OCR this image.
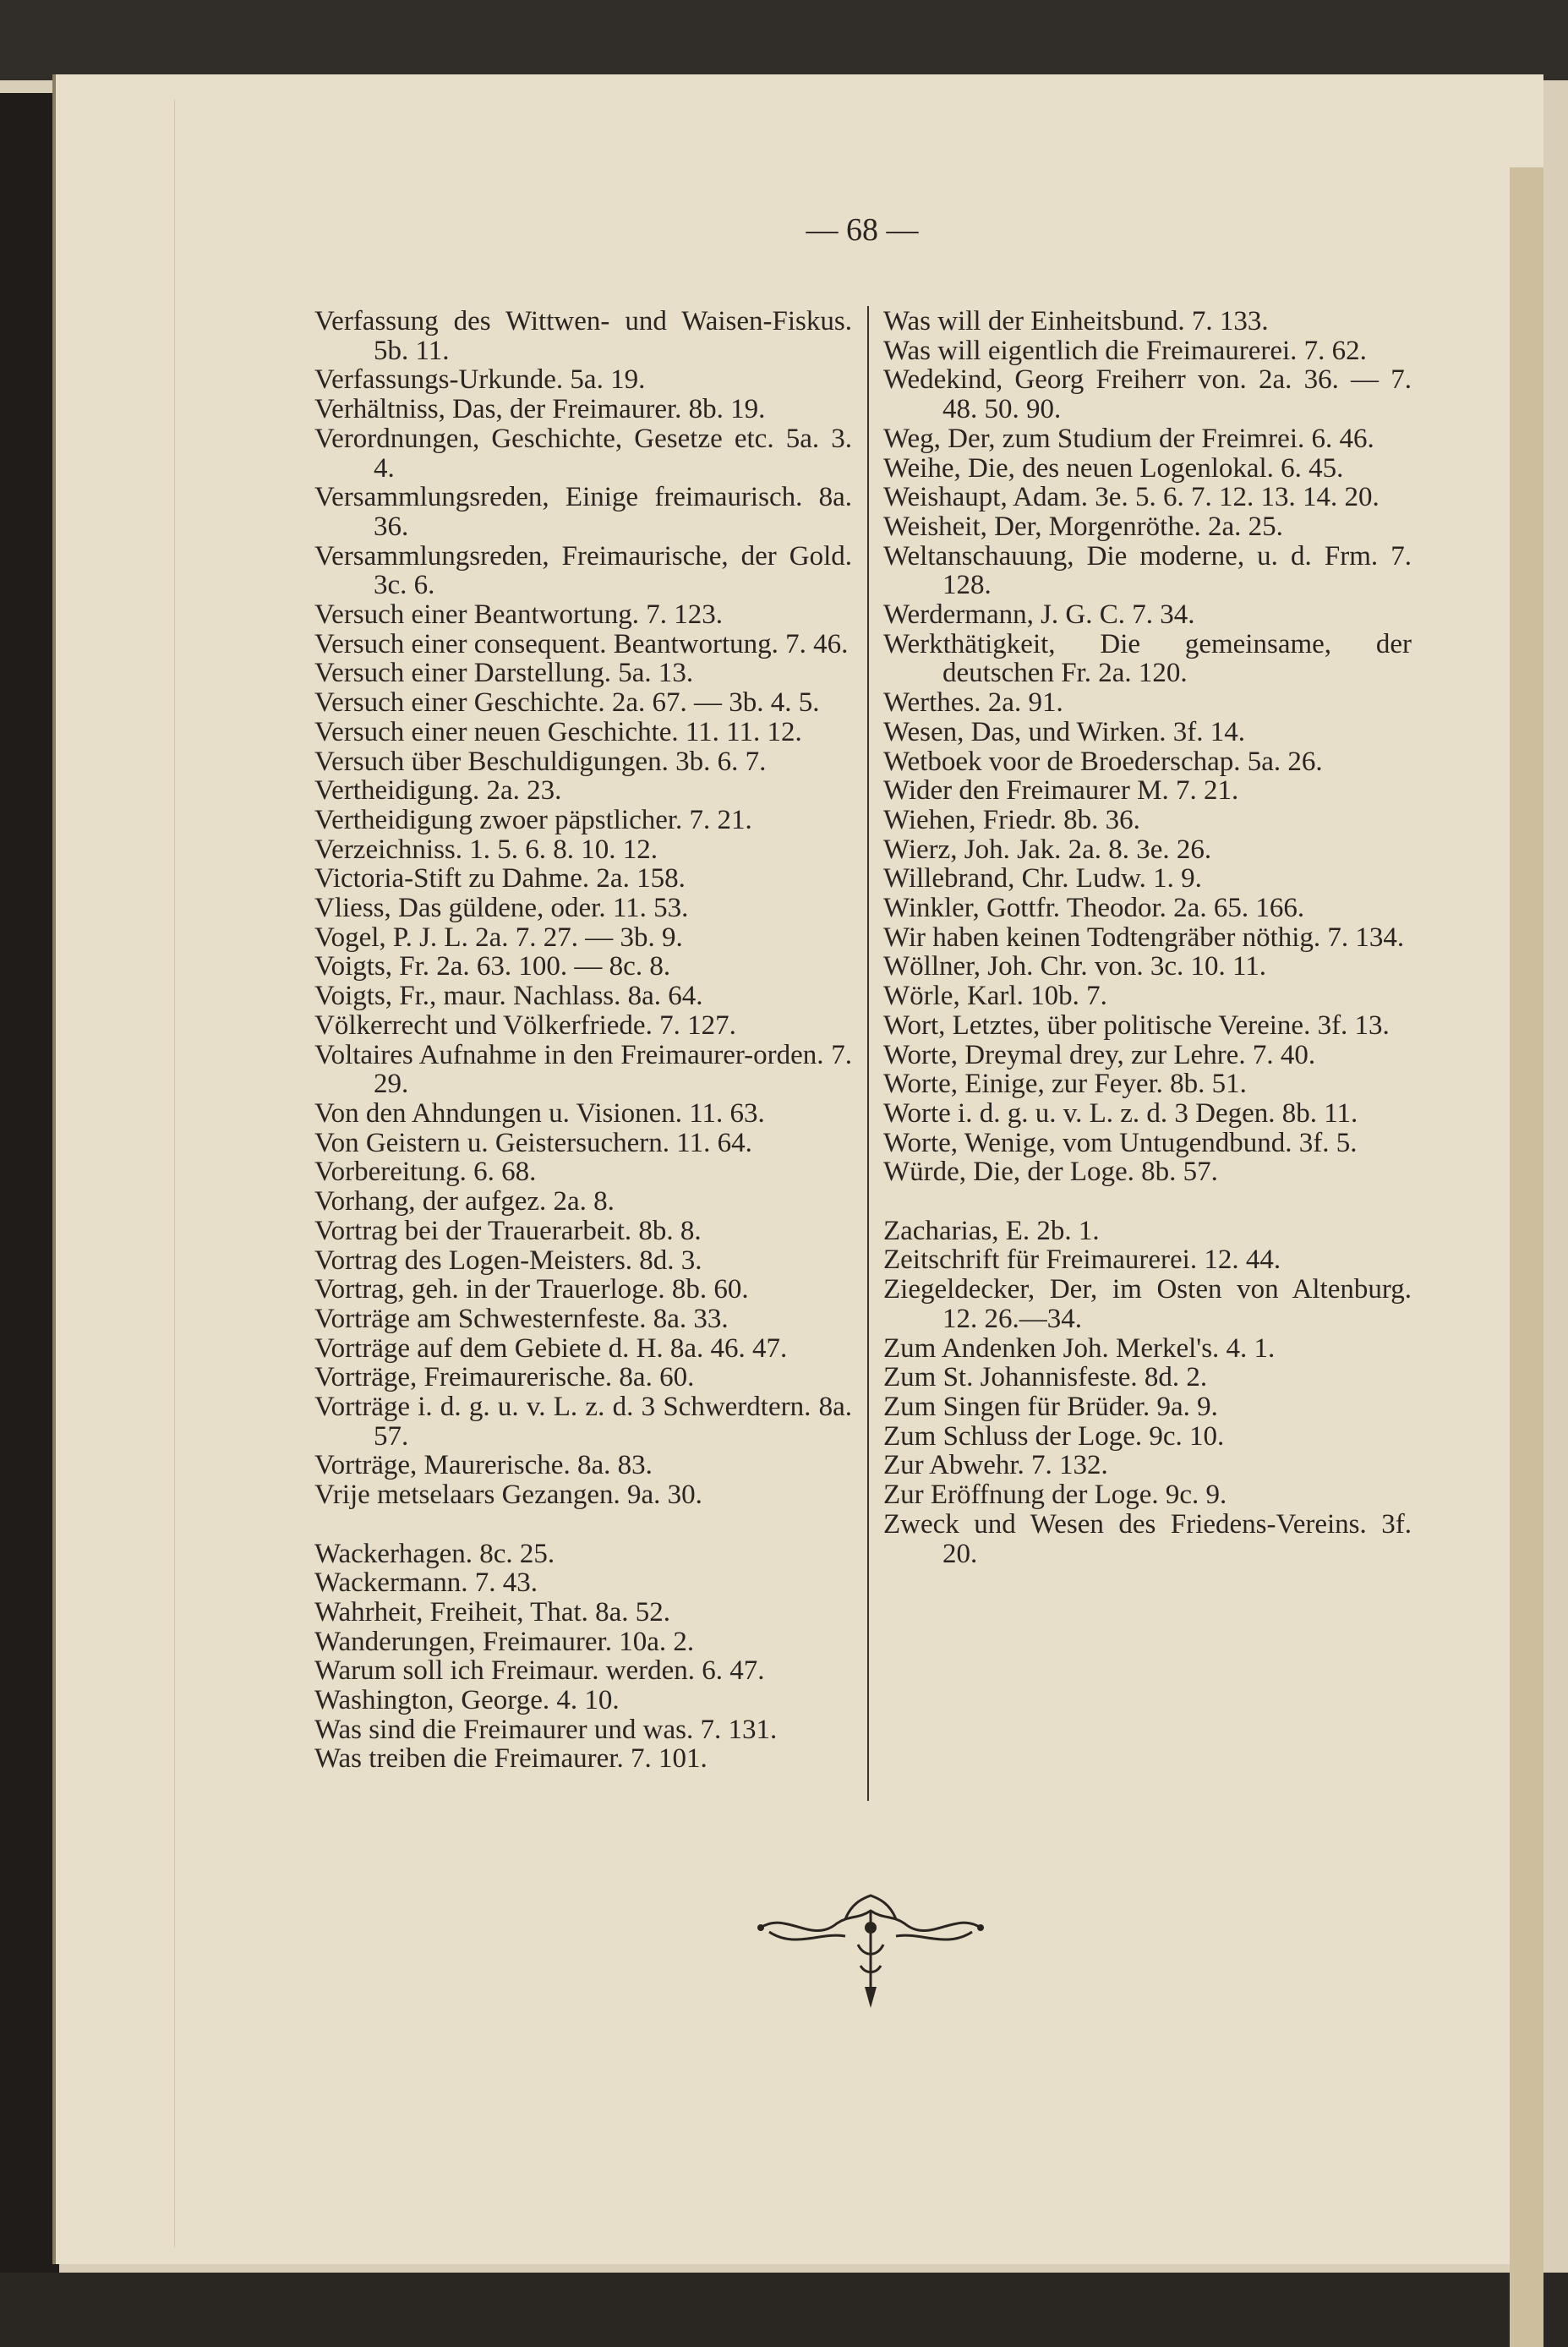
— 68 —
Verfassung des Wittwen- und Waisen-Fiskus. 5b. 11.
Verfassungs-Urkunde. 5a. 19.
Verhältniss, Das, der Freimaurer. 8b. 19.
Verordnungen, Geschichte, Gesetze etc. 5a. 3. 4.
Versammlungsreden, Einige freimaurisch. 8a. 36.
Versammlungsreden, Freimaurische, der Gold. 3c. 6.
Versuch einer Beantwortung. 7. 123.
Versuch einer consequent. Beantwortung. 7. 46.
Versuch einer Darstellung. 5a. 13.
Versuch einer Geschichte. 2a. 67. — 3b. 4. 5.
Versuch einer neuen Geschichte. 11. 11. 12.
Versuch über Beschuldigungen. 3b. 6. 7.
Vertheidigung. 2a. 23.
Vertheidigung zwoer päpstlicher. 7. 21.
Verzeichniss. 1. 5. 6. 8. 10. 12.
Victoria-Stift zu Dahme. 2a. 158.
Vliess, Das güldene, oder. 11. 53.
Vogel, P. J. L. 2a. 7. 27. — 3b. 9.
Voigts, Fr. 2a. 63. 100. — 8c. 8.
Voigts, Fr., maur. Nachlass. 8a. 64.
Völkerrecht und Völkerfriede. 7. 127.
Voltaires Aufnahme in den Freimaurer-orden. 7. 29.
Von den Ahndungen u. Visionen. 11. 63.
Von Geistern u. Geistersuchern. 11. 64.
Vorbereitung. 6. 68.
Vorhang, der aufgez. 2a. 8.
Vortrag bei der Trauerarbeit. 8b. 8.
Vortrag des Logen-Meisters. 8d. 3.
Vortrag, geh. in der Trauerloge. 8b. 60.
Vorträge am Schwesternfeste. 8a. 33.
Vorträge auf dem Gebiete d. H. 8a. 46. 47.
Vorträge, Freimaurerische. 8a. 60.
Vorträge i. d. g. u. v. L. z. d. 3 Schwerdtern. 8a. 57.
Vorträge, Maurerische. 8a. 83.
Vrije metselaars Gezangen. 9a. 30.
Wackerhagen. 8c. 25.
Wackermann. 7. 43.
Wahrheit, Freiheit, That. 8a. 52.
Wanderungen, Freimaurer. 10a. 2.
Warum soll ich Freimaur. werden. 6. 47.
Washington, George. 4. 10.
Was sind die Freimaurer und was. 7. 131.
Was treiben die Freimaurer. 7. 101.
Was will der Einheitsbund. 7. 133.
Was will eigentlich die Freimaurerei. 7. 62.
Wedekind, Georg Freiherr von. 2a. 36. — 7. 48. 50. 90.
Weg, Der, zum Studium der Freimrei. 6. 46.
Weihe, Die, des neuen Logenlokal. 6. 45.
Weishaupt, Adam. 3e. 5. 6. 7. 12. 13. 14. 20.
Weisheit, Der, Morgenröthe. 2a. 25.
Weltanschauung, Die moderne, u. d. Frm. 7. 128.
Werdermann, J. G. C. 7. 34.
Werkthätigkeit, Die gemeinsame, der deutschen Fr. 2a. 120.
Werthes. 2a. 91.
Wesen, Das, und Wirken. 3f. 14.
Wetboek voor de Broederschap. 5a. 26.
Wider den Freimaurer M. 7. 21.
Wiehen, Friedr. 8b. 36.
Wierz, Joh. Jak. 2a. 8. 3e. 26.
Willebrand, Chr. Ludw. 1. 9.
Winkler, Gottfr. Theodor. 2a. 65. 166.
Wir haben keinen Todtengräber nöthig. 7. 134.
Wöllner, Joh. Chr. von. 3c. 10. 11.
Wörle, Karl. 10b. 7.
Wort, Letztes, über politische Vereine. 3f. 13.
Worte, Dreymal drey, zur Lehre. 7. 40.
Worte, Einige, zur Feyer. 8b. 51.
Worte i. d. g. u. v. L. z. d. 3 Degen. 8b. 11.
Worte, Wenige, vom Untugendbund. 3f. 5.
Würde, Die, der Loge. 8b. 57.
Zacharias, E. 2b. 1.
Zeitschrift für Freimaurerei. 12. 44.
Ziegeldecker, Der, im Osten von Altenburg. 12. 26.—34.
Zum Andenken Joh. Merkel's. 4. 1.
Zum St. Johannisfeste. 8d. 2.
Zum Singen für Brüder. 9a. 9.
Zum Schluss der Loge. 9c. 10.
Zur Abwehr. 7. 132.
Zur Eröffnung der Loge. 9c. 9.
Zweck und Wesen des Friedens-Vereins. 3f. 20.
